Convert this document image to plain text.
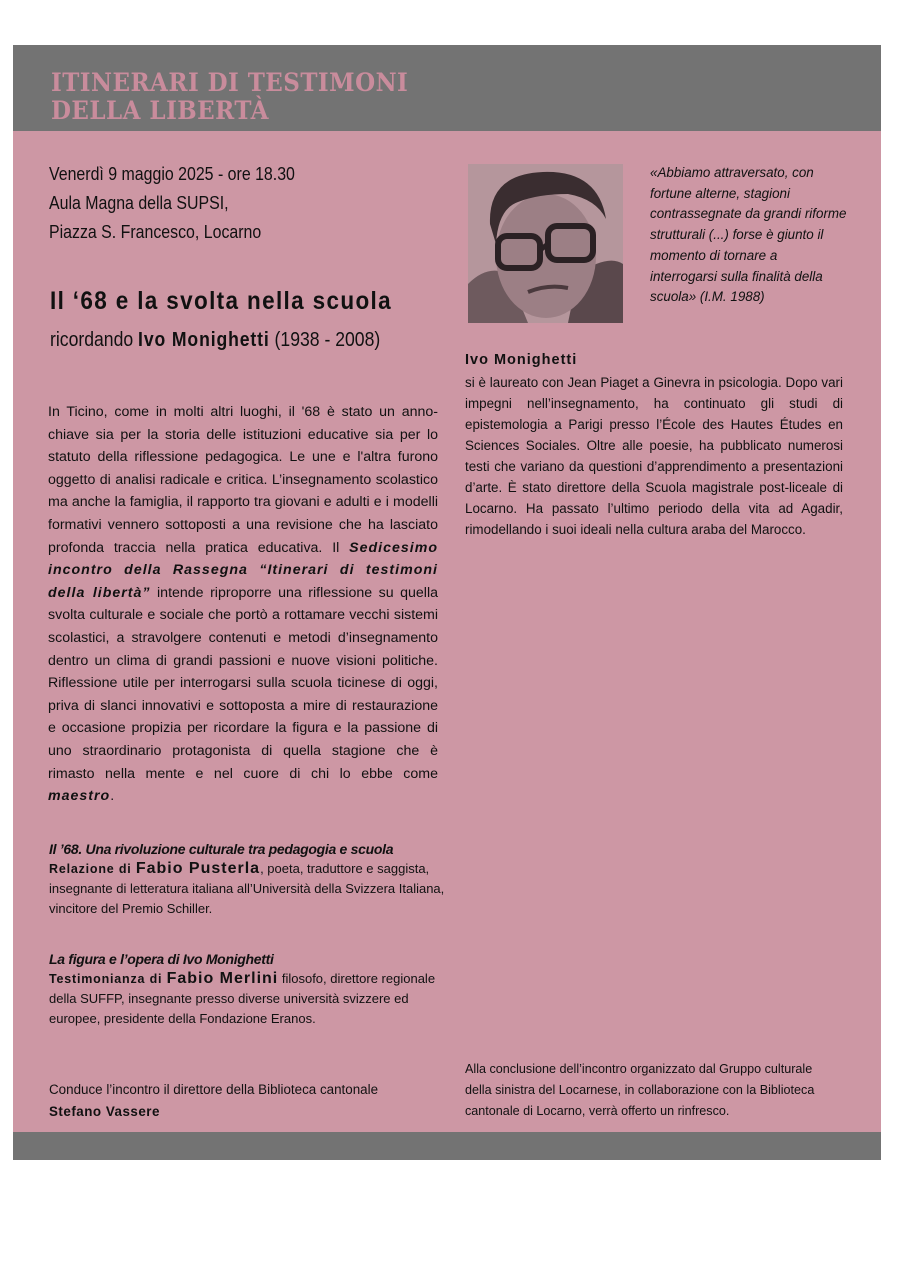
ITINERARI DI TESTIMONI
DELLA LIBERTÀ
Venerdì 9 maggio 2025 - ore 18.30
Aula Magna della SUPSI,
Piazza S. Francesco, Locarno
Il ‘68 e la svolta nella scuola
ricordando Ivo Monighetti (1938 - 2008)
In Ticino, come in molti altri luoghi, il '68 è stato un anno-chiave sia per la storia delle istituzioni educative sia per lo statuto della riflessione pedagogica. Le une e l'altra furono oggetto di analisi radicale e critica. L’insegnamento scolastico ma anche la famiglia, il rapporto tra giovani e adulti e i modelli formativi vennero sottoposti a una revisione che ha lasciato profonda traccia nella pratica educativa. Il Sedicesimo incontro della Rassegna “Itinerari di testimoni della libertà” intende riproporre una riflessione su quella svolta culturale e sociale che portò a rottamare vecchi sistemi scolastici, a stravolgere contenuti e metodi d’insegnamento dentro un clima di grandi passioni e nuove visioni politiche. Riflessione utile per interrogarsi sulla scuola ticinese di oggi, priva di slanci innovativi e sottoposta a mire di restaurazione e occasione propizia per ricordare la figura e la passione di uno straordinario protagonista di quella stagione che è rimasto nella mente e nel cuore di chi lo ebbe come maestro.
«Abbiamo attraversato, con
fortune alterne, stagioni
contrassegnate da grandi riforme
strutturali (...) forse è giunto il
momento di tornare a
interrogarsi sulla finalità della
scuola» (I.M. 1988)
Ivo Monighetti
si è laureato con Jean Piaget a Ginevra in psicologia. Dopo vari impegni nell’insegnamento, ha continuato gli studi di epistemologia a Parigi presso l’École des Hautes Études en Sciences Sociales. Oltre alle poesie, ha pubblicato numerosi testi che variano da questioni d’apprendimento a presentazioni d’arte. È stato direttore della Scuola magistrale post-liceale di Locarno. Ha passato l’ultimo periodo della vita ad Agadir, rimodellando i suoi ideali nella cultura araba del Marocco.
Il ’68. Una rivoluzione culturale tra pedagogia e scuola
Relazione di Fabio Pusterla, poeta, traduttore e saggista, insegnante di letteratura italiana all’Università della Svizzera Italiana, vincitore del Premio Schiller.
La figura e l’opera di Ivo Monighetti
Testimonianza di Fabio Merlini filosofo, direttore regionale della SUFFP, insegnante presso diverse università svizzere ed europee, presidente della Fondazione Eranos.
Conduce l’incontro il direttore della Biblioteca cantonale
Stefano Vassere
Alla conclusione dell’incontro organizzato dal Gruppo culturale della sinistra del Locarnese, in collaborazione con la Biblioteca cantonale di Locarno, verrà offerto un rinfresco.
